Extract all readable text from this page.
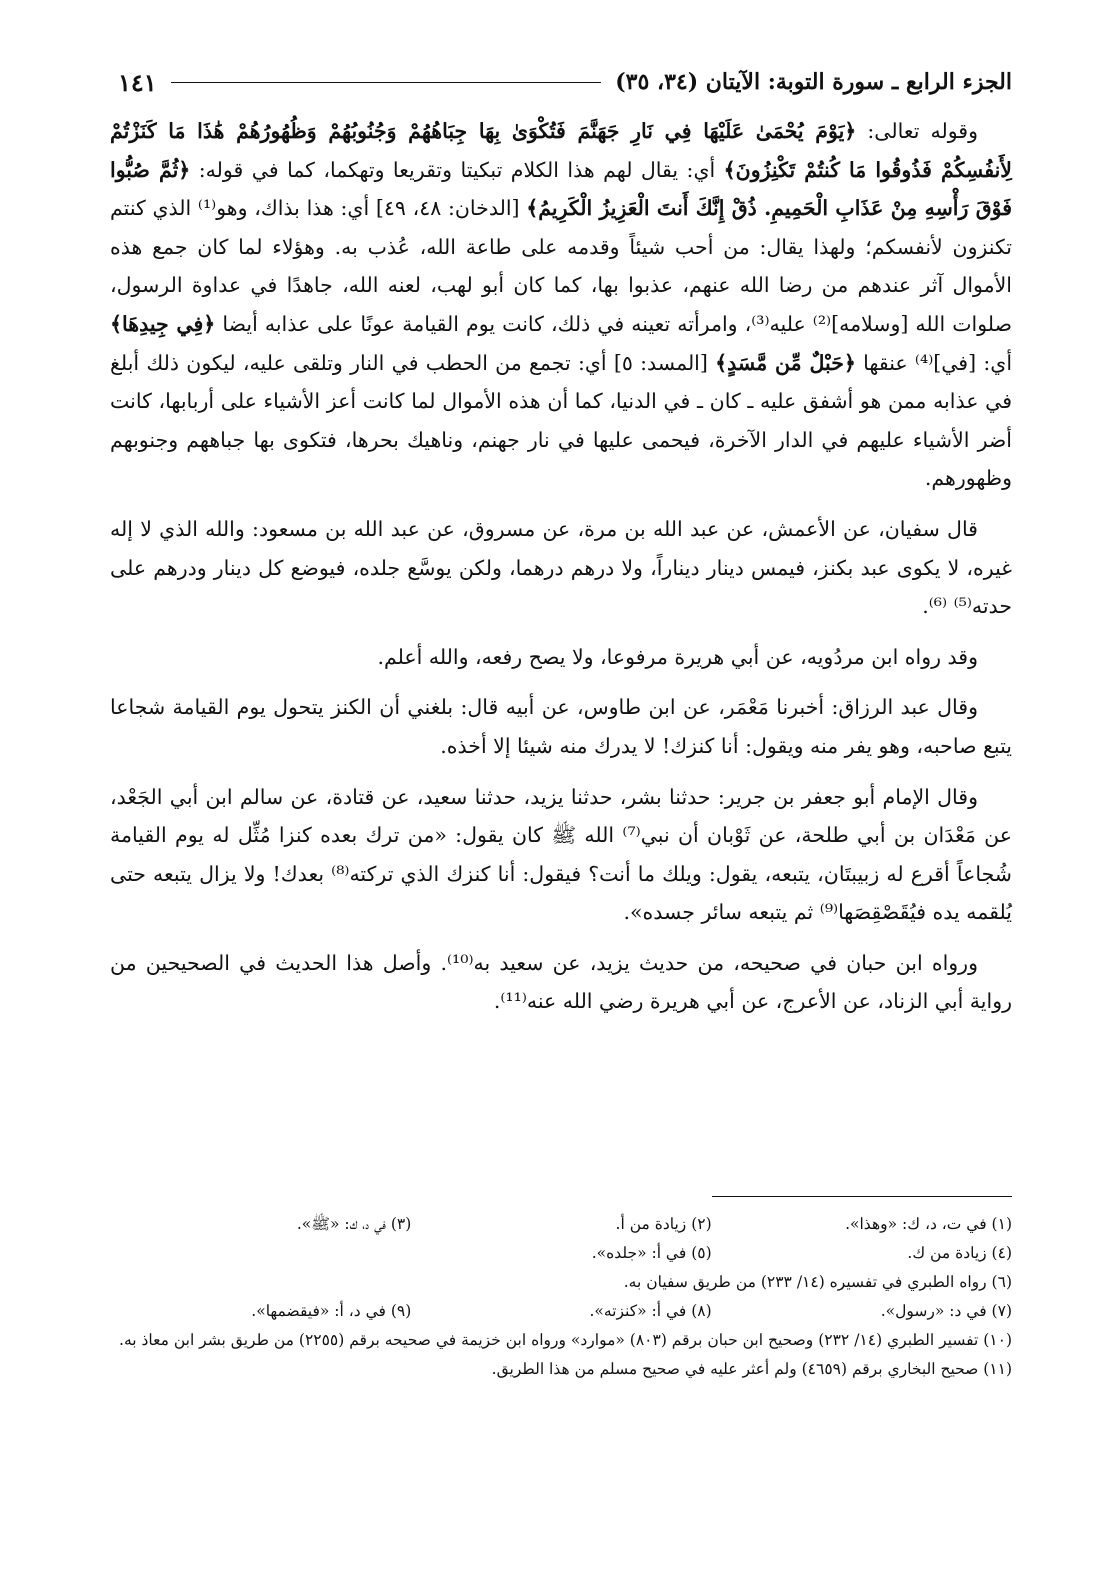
الجزء الرابع ـ سورة التوبة: الآيتان (٣٤، ٣٥)
١٤١

وقوله تعالى: ﴿يَوْمَ يُحْمَىٰ عَلَيْهَا فِي نَارِ جَهَنَّمَ فَتُكْوَىٰ بِهَا جِبَاهُهُمْ وَجُنُوبُهُمْ وَظُهُورُهُمْ هَٰذَا مَا كَنَزْتُمْ لِأَنفُسِكُمْ فَذُوقُوا مَا كُنتُمْ تَكْنِزُونَ﴾ أي: يقال لهم هذا الكلام تبكيتا وتقريعا وتهكما، كما في قوله: ﴿ثُمَّ صُبُّوا فَوْقَ رَأْسِهِ مِنْ عَذَابِ الْحَمِيمِ. ذُقْ إِنَّكَ أَنتَ الْعَزِيزُ الْكَرِيمُ﴾ [الدخان: ٤٨، ٤٩] أي: هذا بذاك، وهو⁽¹⁾ الذي كنتم تكنزون لأنفسكم؛ ولهذا يقال: من أحب شيئاً وقدمه على طاعة الله، عُذب به. وهؤلاء لما كان جمع هذه الأموال آثر عندهم من رضا الله عنهم، عذبوا بها، كما كان أبو لهب، لعنه الله، جاهدًا في عداوة الرسول، صلوات الله [وسلامه]⁽²⁾ عليه⁽³⁾، وامرأته تعينه في ذلك، كانت يوم القيامة عونًا على عذابه أيضا ﴿فِي جِيدِهَا﴾ أي: [في]⁽⁴⁾ عنقها ﴿حَبْلٌ مِّن مَّسَدٍ﴾ [المسد: ٥] أي: تجمع من الحطب في النار وتلقى عليه، ليكون ذلك أبلغ في عذابه ممن هو أشفق عليه ـ كان ـ في الدنيا، كما أن هذه الأموال لما كانت أعز الأشياء على أربابها، كانت أضر الأشياء عليهم في الدار الآخرة، فيحمى عليها في نار جهنم، وناهيك بحرها، فتكوى بها جباههم وجنوبهم وظهورهم.

قال سفيان، عن الأعمش، عن عبد الله بن مرة، عن مسروق، عن عبد الله بن مسعود: والله الذي لا إله غيره، لا يكوى عبد بكنز، فيمس دينار ديناراً، ولا درهم درهما، ولكن يوسَّع جلده، فيوضع كل دينار ودرهم على حدته⁽⁵⁾ ⁽⁶⁾.

وقد رواه ابن مردُويه، عن أبي هريرة مرفوعا، ولا يصح رفعه، والله أعلم.

وقال عبد الرزاق: أخبرنا مَعْمَر، عن ابن طاوس، عن أبيه قال: بلغني أن الكنز يتحول يوم القيامة شجاعا يتبع صاحبه، وهو يفر منه ويقول: أنا كنزك! لا يدرك منه شيئا إلا أخذه.

وقال الإمام أبو جعفر بن جرير: حدثنا بشر، حدثنا يزيد، حدثنا سعيد، عن قتادة، عن سالم ابن أبي الجَعْد، عن مَعْدَان بن أبي طلحة، عن ثَوْبان أن نبي⁽⁷⁾ الله ﷺ كان يقول: «من ترك بعده كنزا مُثِّل له يوم القيامة شُجاعاً أقرع له زبيبتَان، يتبعه، يقول: ويلك ما أنت؟ فيقول: أنا كنزك الذي تركته⁽⁸⁾ بعدك! ولا يزال يتبعه حتى يُلقمه يده فيُقَصْقِصَها⁽⁹⁾ ثم يتبعه سائر جسده».

ورواه ابن حبان في صحيحه، من حديث يزيد، عن سعيد به⁽¹⁰⁾. وأصل هذا الحديث في الصحيحين من رواية أبي الزناد، عن الأعرج، عن أبي هريرة رضي الله عنه⁽¹¹⁾.

(١) في ت، د، ك: «وهذا».
(٢) زيادة من أ.
(٣) في د، ك: «ﷺ».
(٤) زيادة من ك.
(٥) في أ: «جلده».
(٦) رواه الطبري في تفسيره (١٤/ ٢٣٣) من طريق سفيان به.
(٧) في د: «رسول».
(٨) في أ: «كنزته».
(٩) في د، أ: «فيقضمها».
(١٠) تفسير الطبري (١٤/ ٢٣٢) وصحيح ابن حبان برقم (٨٠٣) «موارد» ورواه ابن خزيمة في صحيحه برقم (٢٢٥٥) من طريق بشر ابن معاذ به.
(١١) صحيح البخاري برقم (٤٦٥٩) ولم أعثر عليه في صحيح مسلم من هذا الطريق.
